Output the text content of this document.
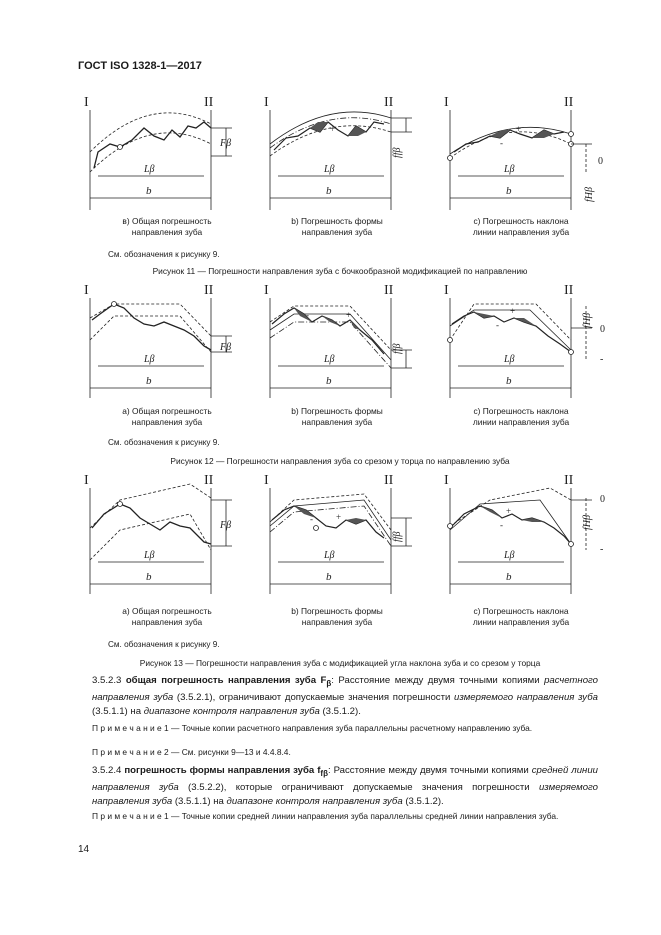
ГОСТ ISO 1328-1—2017
I	II
Fβ
Lβ
b
I	II
+
ffβ
Lβ
b
I	II
+
-
0
fHβ
Lβ
b
в) Общая погрешность
направления зуба
b) Погрешность формы
направления зуба
c) Погрешность наклона
линии направления зуба
См. обозначения к рисунку 9.
Рисунок 11 — Погрешности направления зуба с бочкообразной модификацией по направлению
I	II
Fβ
Lβ
b
I	II
-	+
ffβ
Lβ
b
I	II
+
-	0
-
fHβ
Lβ
b
а) Общая погрешность
направления зуба
b) Погрешность формы
направления зуба
c) Погрешность наклона
линии направления зуба
См. обозначения к рисунку 9.
Рисунок 12 — Погрешности направления зуба со срезом у торца по направлению зуба
I	II
Fβ
Lβ
b
I	II
+
-
ffβ
Lβ
b
I	II
+
-
0
-
fHβ
Lβ
b
а) Общая погрешность
направления зуба
b) Погрешность формы
направления зуба
c) Погрешность наклона
линии направления зуба
См. обозначения к рисунку 9.
Рисунок 13 — Погрешности направления зуба с модификацией угла наклона зуба и со срезом у торца
3.5.2.3 общая погрешность направления зуба $F_\beta$: Расстояние между двумя точными копиями расчетного направления зуба (3.5.2.1), ограничивают допускаемые значения погрешности измеряемого направления зуба (3.5.1.1) на диапазоне контроля направления зуба (3.5.1.2).
П р и м е ч а н и е 1 — Точные копии расчетного направления зуба параллельны расчетному направлению зуба.
П р и м е ч а н и е 2 — См. рисунки 9—13 и 4.4.8.4.
3.5.2.4 погрешность формы направления зуба $f_{f\beta}$: Расстояние между двумя точными копиями средней линии направления зуба (3.5.2.2), которые ограничивают допускаемые значения погрешности измеряемого направления зуба (3.5.1.1) на диапазоне контроля направления зуба (3.5.1.2).
П р и м е ч а н и е 1 — Точные копии средней линии направления зуба параллельны средней линии направления зуба.
14
